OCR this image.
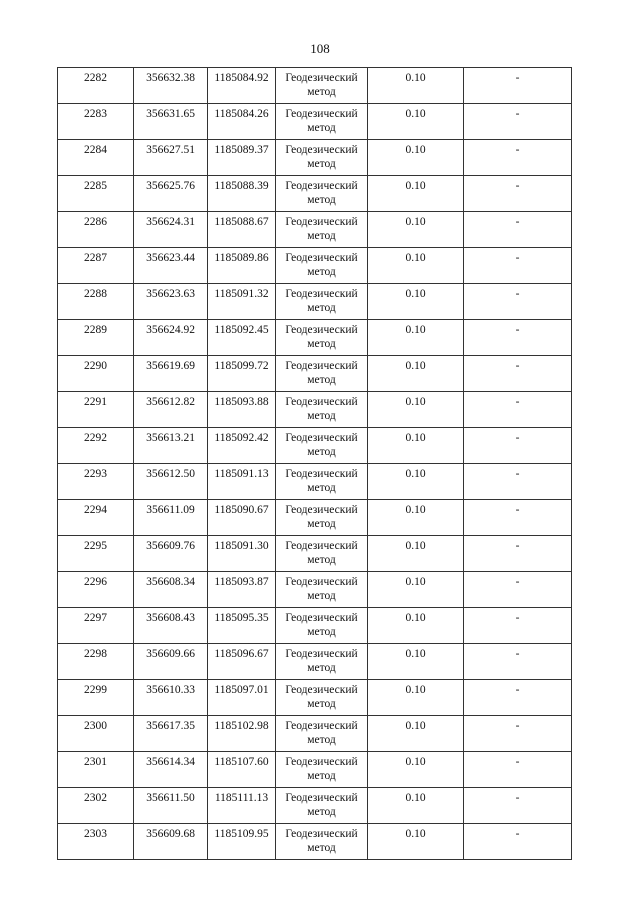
108
2282	356632.38	1185084.92	Геодезический метод	0.10	-

2283	356631.65	1185084.26	Геодезический метод	0.10	-

2284	356627.51	1185089.37	Геодезический метод	0.10	-

2285	356625.76	1185088.39	Геодезический метод	0.10	-

2286	356624.31	1185088.67	Геодезический метод	0.10	-

2287	356623.44	1185089.86	Геодезический метод	0.10	-

2288	356623.63	1185091.32	Геодезический метод	0.10	-

2289	356624.92	1185092.45	Геодезический метод	0.10	-

2290	356619.69	1185099.72	Геодезический метод	0.10	-

2291	356612.82	1185093.88	Геодезический метод	0.10	-

2292	356613.21	1185092.42	Геодезический метод	0.10	-

2293	356612.50	1185091.13	Геодезический метод	0.10	-

2294	356611.09	1185090.67	Геодезический метод	0.10	-

2295	356609.76	1185091.30	Геодезический метод	0.10	-

2296	356608.34	1185093.87	Геодезический метод	0.10	-

2297	356608.43	1185095.35	Геодезический метод	0.10	-

2298	356609.66	1185096.67	Геодезический метод	0.10	-

2299	356610.33	1185097.01	Геодезический метод	0.10	-

2300	356617.35	1185102.98	Геодезический метод	0.10	-

2301	356614.34	1185107.60	Геодезический метод	0.10	-

2302	356611.50	1185111.13	Геодезический метод	0.10	-

2303	356609.68	1185109.95	Геодезический метод	0.10	-
